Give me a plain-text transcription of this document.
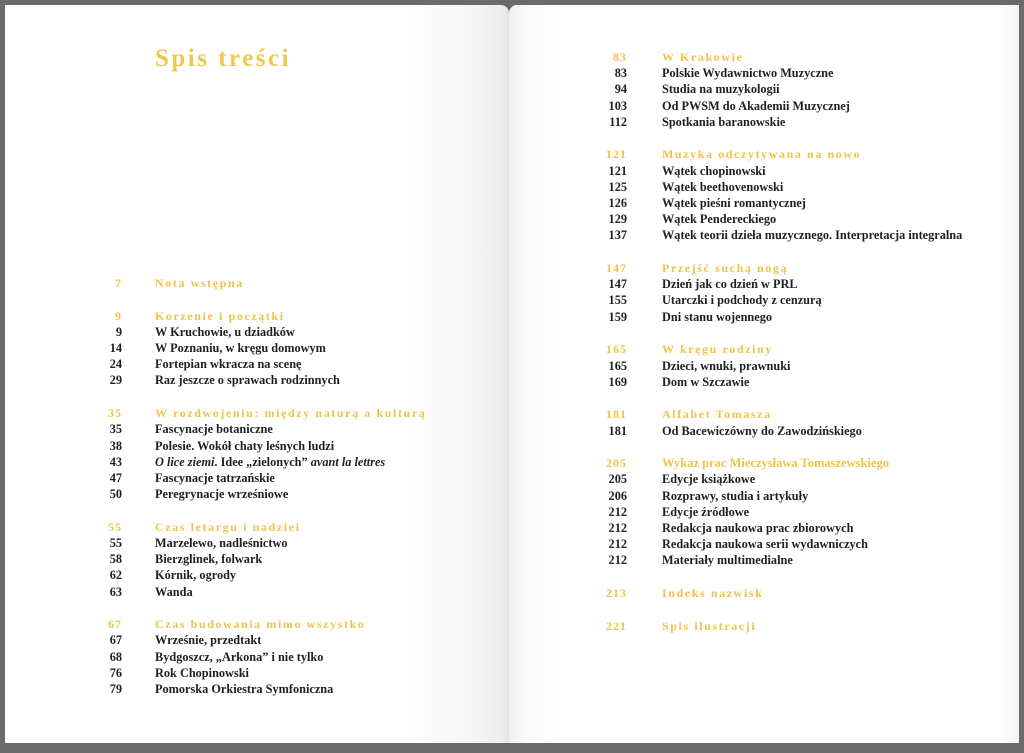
Spis treści
7	Nota wstępna
9	Korzenie i początki
9	W Kruchowie, u dziadków
14	W Poznaniu, w kręgu domowym
24	Fortepian wkracza na scenę
29	Raz jeszcze o sprawach rodzinnych
35	W rozdwojeniu: między naturą a kulturą
35	Fascynacje botaniczne
38	Polesie. Wokół chaty leśnych ludzi
43	O lice ziemi. Idee „zielonych” avant la lettres
47	Fascynacje tatrzańskie
50	Peregrynacje wrześniowe
55	Czas letargu i nadziei
55	Marzelewo, nadleśnictwo
58	Bierzglinek, folwark
62	Kórnik, ogrody
63	Wanda
67	Czas budowania mimo wszystko
67	Wrześnie, przedtakt
68	Bydgoszcz, „Arkona” i nie tylko
76	Rok Chopinowski
79	Pomorska Orkiestra Symfoniczna
83	W Krakowie
83	Polskie Wydawnictwo Muzyczne
94	Studia na muzykologii
103	Od PWSM do Akademii Muzycznej
112	Spotkania baranowskie
121	Muzyka odczytywana na nowo
121	Wątek chopinowski
125	Wątek beethovenowski
126	Wątek pieśni romantycznej
129	Wątek Pendereckiego
137	Wątek teorii dzieła muzycznego. Interpretacja integralna
147	Przejść suchą nogą
147	Dzień jak co dzień w PRL
155	Utarczki i podchody z cenzurą
159	Dni stanu wojennego
165	W kręgu rodziny
165	Dzieci, wnuki, prawnuki
169	Dom w Szczawie
181	Alfabet Tomasza
181	Od Bacewiczówny do Zawodzińskiego
205	Wykaz prac Mieczysława Tomaszewskiego
205	Edycje książkowe
206	Rozprawy, studia i artykuły
212	Edycje źródłowe
212	Redakcja naukowa prac zbiorowych
212	Redakcja naukowa serii wydawniczych
212	Materiały multimedialne
213	Indeks nazwisk
221	Spis ilustracji
